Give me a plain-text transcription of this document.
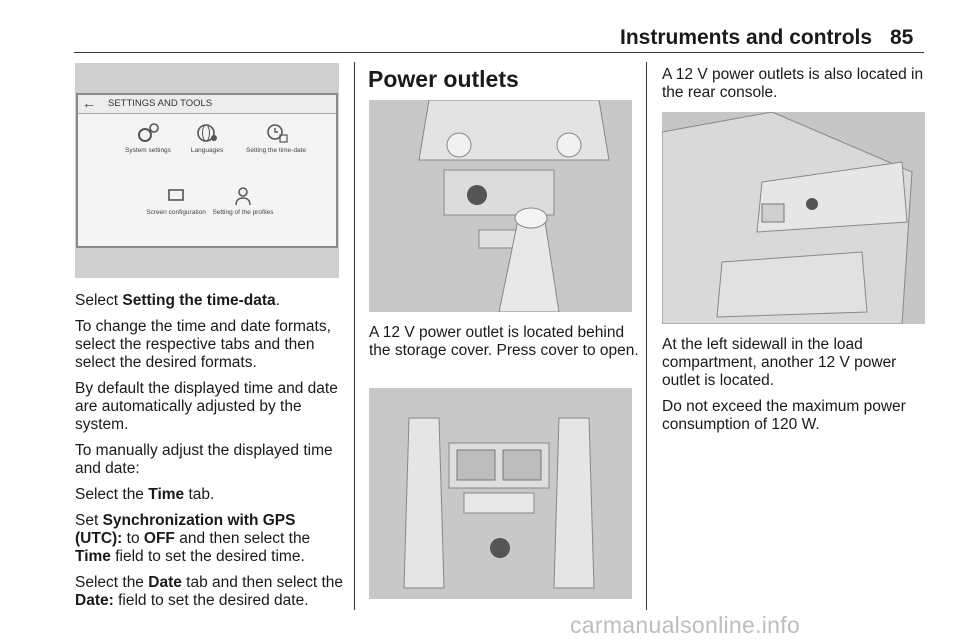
Instruments and controls 85
← SETTINGS AND TOOLS
System settings	Languages	Setting the time-date
Screen configuration	Setting of the profiles

Select Setting the time-data.

To change the time and date formats, select the respective tabs and then select the desired formats.

By default the displayed time and date are automatically adjusted by the system.

To manually adjust the displayed time and date:

Select the Time tab.

Set Synchronization with GPS (UTC): to OFF and then select the Time field to set the desired time.

Select the Date tab and then select the Date: field to set the desired date.

Power outlets

A 12 V power outlet is located behind the storage cover. Press cover to open.

A 12 V power outlets is also located in the rear console.

At the left sidewall in the load compartment, another 12 V power outlet is located.

Do not exceed the maximum power consumption of 120 W.

carmanualsonline.info
